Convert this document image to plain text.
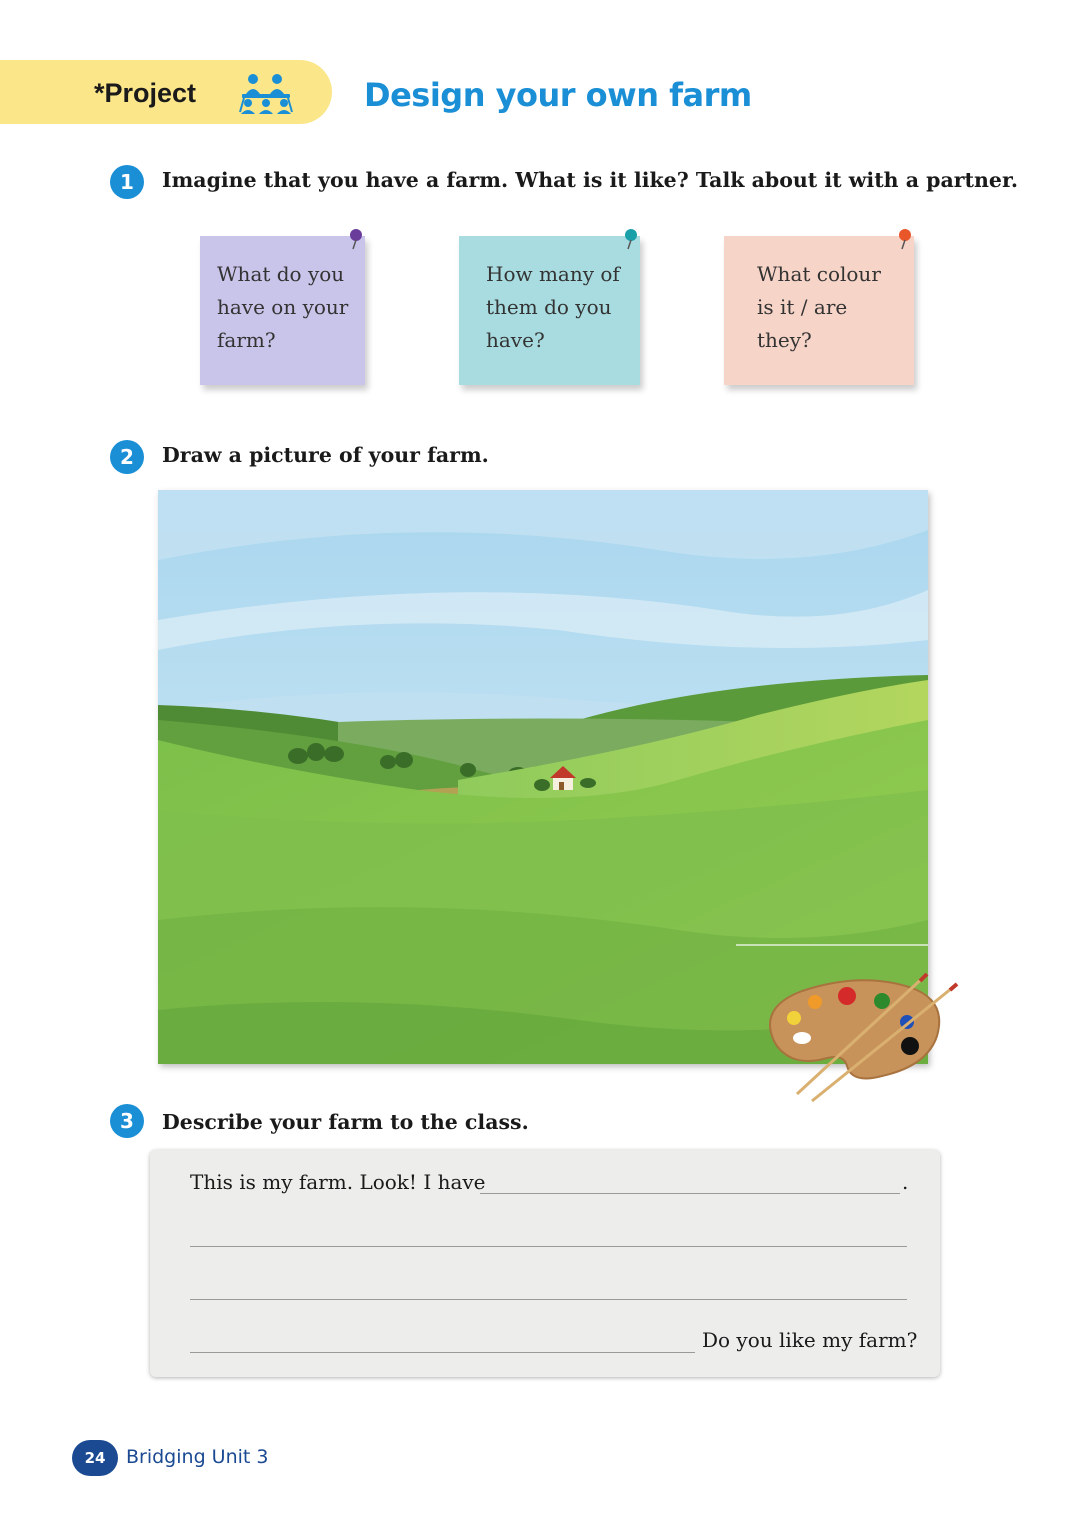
*Project	Design your own farm
1	Imagine that you have a farm. What is it like? Talk about it with a partner.
What do you
have on your
farm?
How many of
them do you
have?
What colour
is it / are
they?
2	Draw a picture of your farm.
3	Describe your farm to the class.
This is my farm. Look! I have	.
Do you like my farm?
24	Bridging Unit 3
